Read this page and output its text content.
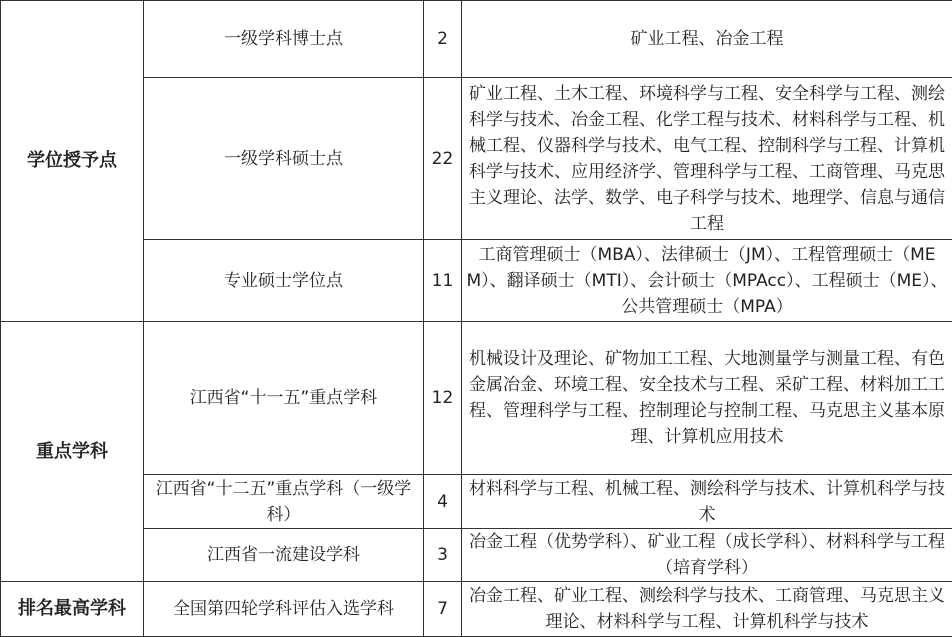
学位授予点	一级学科博士点	2	矿业工程、冶金工程
	一级学科硕士点	22	矿业工程、土木工程、环境科学与工程、安全科学与工程、测绘科学与技术、冶金工程、化学工程与技术、材料科学与工程、机械工程、仪器科学与技术、电气工程、控制科学与工程、计算机科学与技术、应用经济学、管理科学与工程、工商管理、马克思主义理论、法学、数学、电子科学与技术、地理学、信息与通信工程
	专业硕士学位点	11	工商管理硕士（MBA）、法律硕士（JM）、工程管理硕士（MEM）、翻译硕士（MTI）、会计硕士（MPAcc）、工程硕士（ME）、公共管理硕士（MPA）
重点学科	江西省“十一五”重点学科	12	机械设计及理论、矿物加工工程、大地测量学与测量工程、有色金属冶金、环境工程、安全技术与工程、采矿工程、材料加工工程、管理科学与工程、控制理论与控制工程、马克思主义基本原理、计算机应用技术
	江西省“十二五”重点学科（一级学科）	4	材料科学与工程、机械工程、测绘科学与技术、计算机科学与技术
	江西省一流建设学科	3	冶金工程（优势学科）、矿业工程（成长学科）、材料科学与工程（培育学科）
排名最高学科	全国第四轮学科评估入选学科	7	冶金工程、矿业工程、测绘科学与技术、工商管理、马克思主义理论、材料科学与工程、计算机科学与技术
